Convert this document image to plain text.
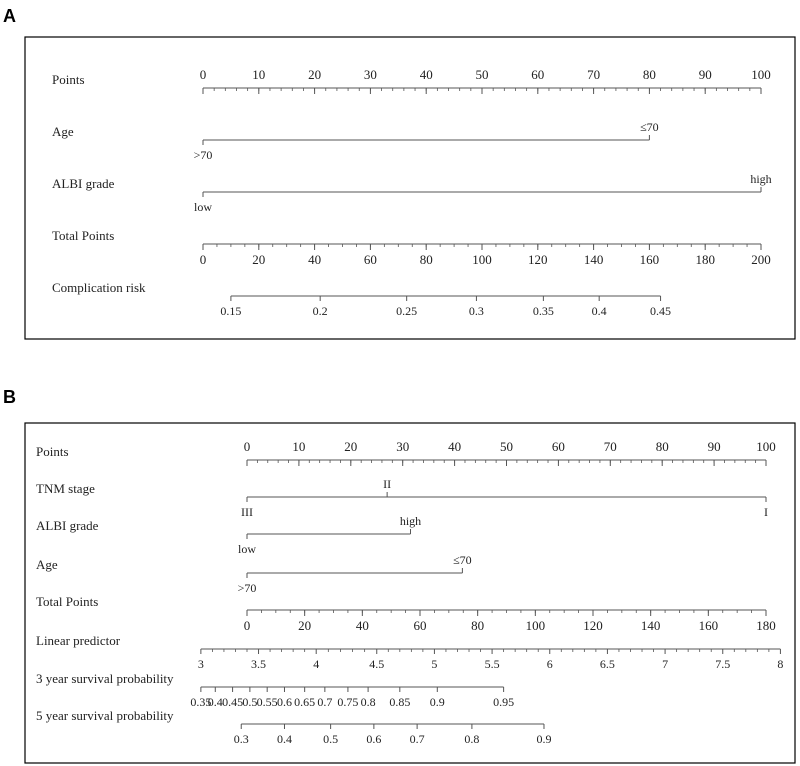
A
Points	0	10	20	30	40	50	60	70	80	90	100
Age
>70
≤70
ALBI grade
low
high
Total Points
0	20	40	60	80	100	120	140	160	180	200
Complication risk
0.15	0.2	0.25	0.3	0.35	0.4	0.45
B
Points	0	10	20	30	40	50	60	70	80	90	100
TNM stage
III
II
I
ALBI grade
low
high
Age
>70
≤70
Total Points
0	20	40	60	80	100	120	140	160	180
Linear predictor
3	3.5	4	4.5	5	5.5	6	6.5	7	7.5	8
3 year survival probability
0.35
0.4 0.45 0.5 0.55 0.6 0.65 0.7 0.75 0.8 0.85 0.9	0.95
5 year survival probability
0.3 0.4	0.5 0.6 0.7	0.8	0.9
